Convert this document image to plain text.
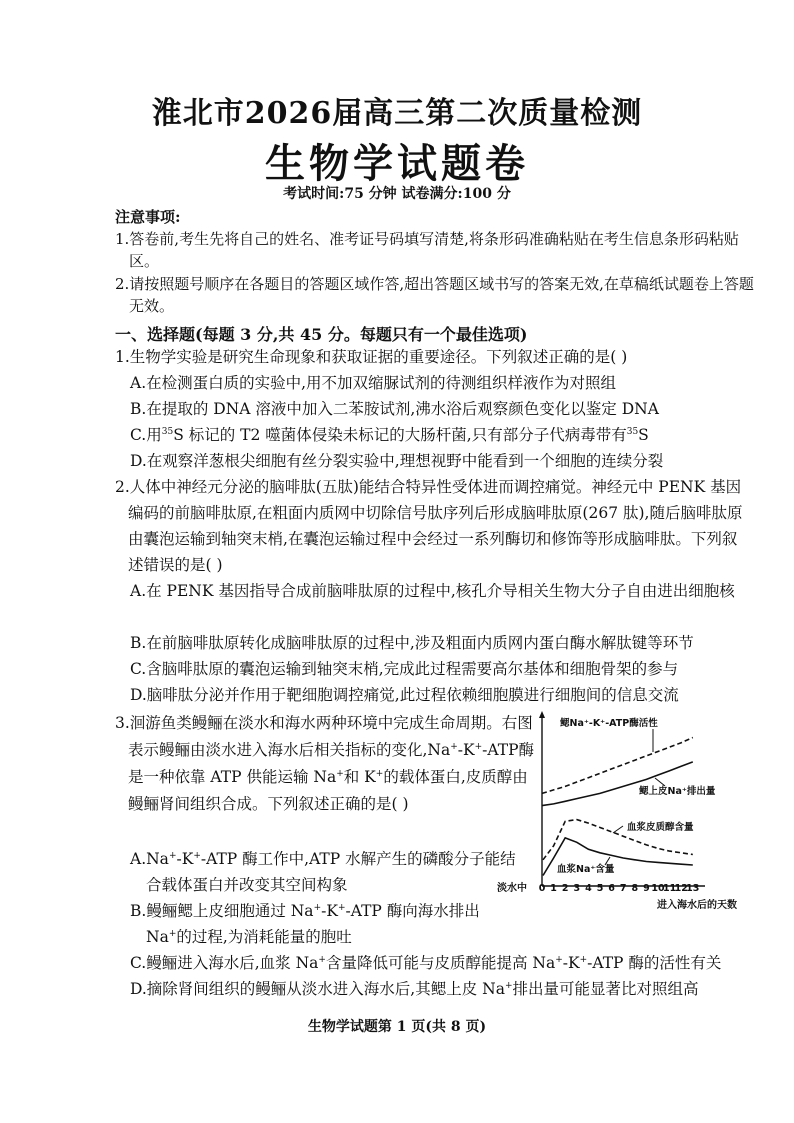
淮北市2026届高三第二次质量检测
生物学试题卷
考试时间:75 分钟 试卷满分:100 分
注意事项:
1.答卷前,考生先将自己的姓名、准考证号码填写清楚,将条形码准确粘贴在考生信息条形码粘贴区。
2.请按照题号顺序在各题目的答题区域作答,超出答题区域书写的答案无效,在草稿纸试题卷上答题无效。
一、选择题(每题 3 分,共 45 分。每题只有一个最佳选项)
1.生物学实验是研究生命现象和获取证据的重要途径。下列叙述正确的是( )
A.在检测蛋白质的实验中,用不加双缩脲试剂的待测组织样液作为对照组
B.在提取的 DNA 溶液中加入二苯胺试剂,沸水浴后观察颜色变化以鉴定 DNA
C.用$^{35}$S 标记的 T2 噬菌体侵染未标记的大肠杆菌,只有部分子代病毒带有$^{35}$S
D.在观察洋葱根尖细胞有丝分裂实验中,理想视野中能看到一个细胞的连续分裂
2.人体中神经元分泌的脑啡肽(五肽)能结合特异性受体进而调控痛觉。神经元中 PENK 基因编码的前脑啡肽原,在粗面内质网中切除信号肽序列后形成脑啡肽原(267 肽),随后脑啡肽原由囊泡运输到轴突末梢,在囊泡运输过程中会经过一系列酶切和修饰等形成脑啡肽。下列叙述错误的是( )
A.在 PENK 基因指导合成前脑啡肽原的过程中,核孔介导相关生物大分子自由进出细胞核
B.在前脑啡肽原转化成脑啡肽原的过程中,涉及粗面内质网内蛋白酶水解肽键等环节
C.含脑啡肽原的囊泡运输到轴突末梢,完成此过程需要高尔基体和细胞骨架的参与
D.脑啡肽分泌并作用于靶细胞调控痛觉,此过程依赖细胞膜进行细胞间的信息交流
3.洄游鱼类鳗鲡在淡水和海水两种环境中完成生命周期。右图表示鳗鲡由淡水进入海水后相关指标的变化,Na+-K+-ATP酶是一种依靠 ATP 供能运输 Na+和 K+的载体蛋白,皮质醇由鳗鲡肾间组织合成。下列叙述正确的是( )
A.Na+-K+-ATP 酶工作中,ATP 水解产生的磷酸分子能结合载体蛋白并改变其空间构象
B.鳗鲡鳃上皮细胞通过 Na+-K+-ATP 酶向海水排出 Na+的过程,为消耗能量的胞吐
C.鳗鲡进入海水后,血浆 Na+含量降低可能与皮质醇能提高 Na+-K+-ATP 酶的活性有关
D.摘除肾间组织的鳗鲡从淡水进入海水后,其鳃上皮 Na+排出量可能显著比对照组高
淡水中 0 1 2 3 4 5 6 7 8 9 10
11
12
13
进入海水后的天数
鳃Na⁺-K⁺-ATP酶活性
鳃上皮Na⁺排出量
血浆皮质醇含量
血浆Na⁺含量
生物学试题第 1 页(共 8 页)
